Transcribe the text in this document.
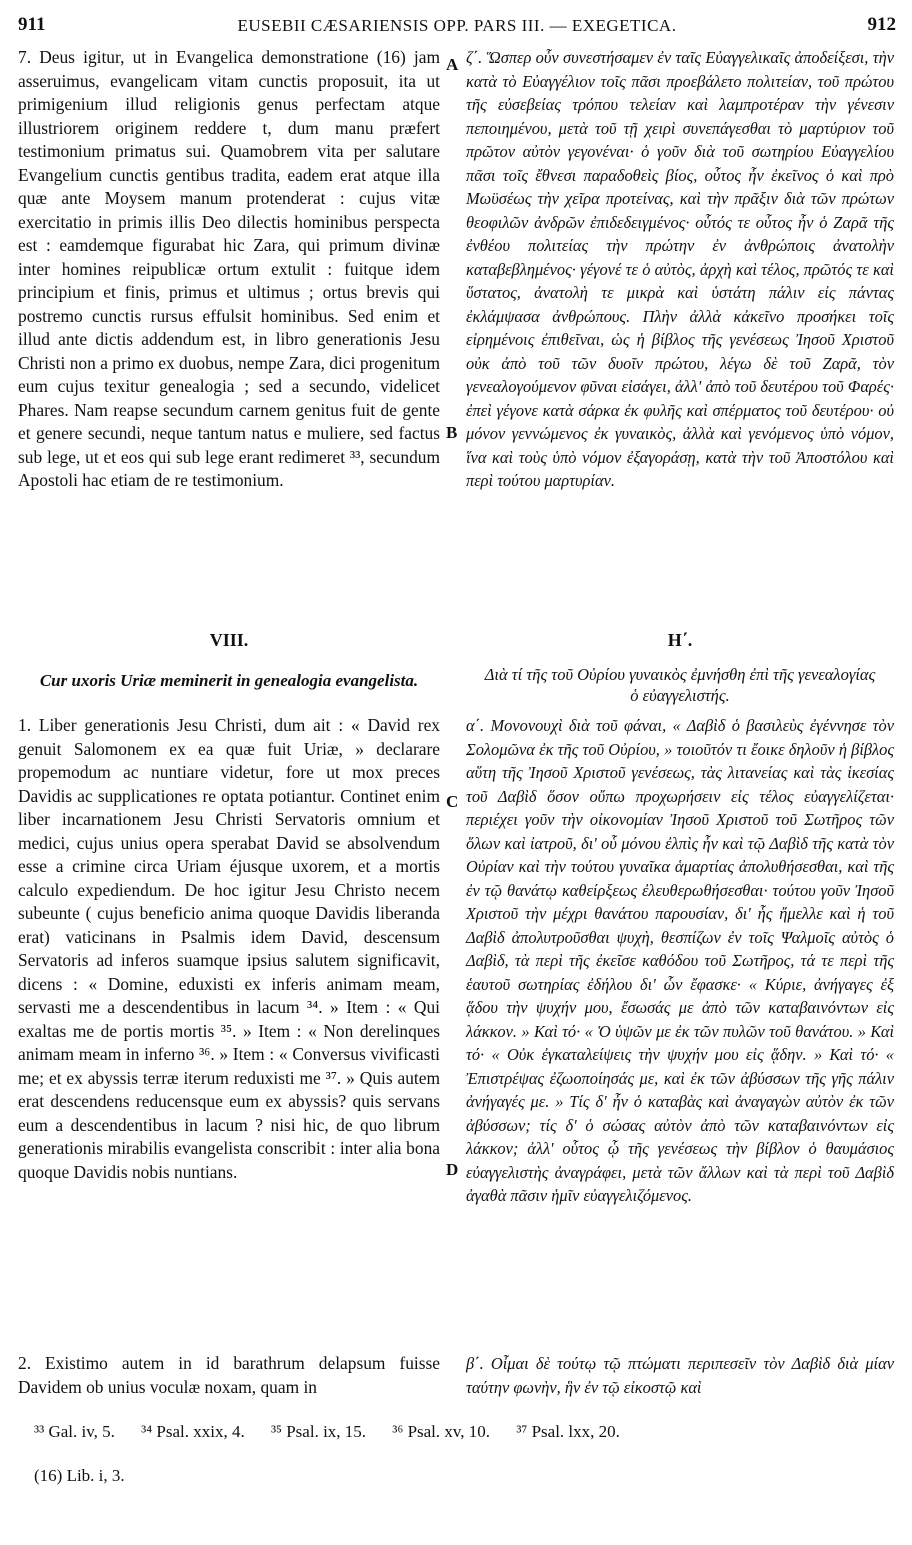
911	EUSEBII CÆSARIENSIS OPP. PARS III. — EXEGETICA.	912

7. Deus igitur, ut in Evangelica demonstratione (16) jam asseruimus, evangelicam vitam cunctis proposuit, ita ut primigenium illud religionis genus perfectam atque illustriorem originem reddere t, dum manu præfert testimonium primatus sui. Quamobrem vita per salutare Evangelium cunctis gentibus tradita, eadem erat atque illa quæ ante Moysem manum protenderat : cujus vitæ exercitatio in primis illis Deo dilectis hominibus perspecta est : eamdemque figurabat hic Zara, qui primum divinæ inter homines reipublicæ ortum extulit : fuitque idem principium et finis, primus et ultimus ; ortus brevis qui postremo cunctis rursus effulsit hominibus. Sed enim et illud ante dictis addendum est, in libro generationis Jesu Christi non a primo ex duobus, nempe Zara, dici progenitum eum cujus texitur genealogia ; sed a secundo, videlicet Phares. Nam reapse secundum carnem genitus fuit de gente et genere secundi, neque tantum natus e muliere, sed factus sub lege, ut et eos qui sub lege erant redimeret ³³, secundum Apostoli hac etiam de re testimonium.

ζ΄. Ὥσπερ οὖν συνεστήσαμεν ἐν ταῖς Εὐαγγελικαῖς ἀποδείξεσι, τὴν κατὰ τὸ Εὐαγγέλιον τοῖς πᾶσι προεβάλετο πολιτείαν, τοῦ πρώτου τῆς εὐσεβείας τρόπου τελείαν καὶ λαμπροτέραν τὴν γένεσιν πεποιημένου, μετὰ τοῦ τῇ χειρὶ συνεπάγεσθαι τὸ μαρτύριον τοῦ πρῶτον αὐτὸν γεγονέναι· ὁ γοῦν διὰ τοῦ σωτηρίου Εὐαγγελίου πᾶσι τοῖς ἔθνεσι παραδοθεὶς βίος, οὗτος ἦν ἐκεῖνος ὁ καὶ πρὸ Μωϋσέως τὴν χεῖρα προτείνας, καὶ τὴν πρᾶξιν διὰ τῶν πρώτων θεοφιλῶν ἀνδρῶν ἐπιδεδειγμένος· οὗτός τε οὗτος ἦν ὁ Ζαρᾶ τῆς ἐνθέου πολιτείας τὴν πρώτην ἐν ἀνθρώποις ἀνατολὴν καταβεβλημένος· γέγονέ τε ὁ αὐτὸς, ἀρχὴ καὶ τέλος, πρῶτός τε καὶ ὕστατος, ἀνατολὴ τε μικρὰ καὶ ὑστάτη πάλιν εἰς πάντας ἐκλάμψασα ἀνθρώπους. Πλὴν ἀλλὰ κἀκεῖνο προσήκει τοῖς εἰρημένοις ἐπιθεῖναι, ὡς ἡ βίβλος τῆς γενέσεως Ἰησοῦ Χριστοῦ οὐκ ἀπὸ τοῦ τῶν δυοῖν πρώτου, λέγω δὲ τοῦ Ζαρᾶ, τὸν γενεαλογούμενον φῦναι εἰσάγει, ἀλλ' ἀπὸ τοῦ δευτέρου τοῦ Φαρές· ἐπεὶ γέγονε κατὰ σάρκα ἐκ φυλῆς καὶ σπέρματος τοῦ δευτέρου· οὐ μόνον γεννώμενος ἐκ γυναικὸς, ἀλλὰ καὶ γενόμενος ὑπὸ νόμον, ἵνα καὶ τοὺς ὑπὸ νόμον ἐξαγοράσῃ, κατὰ τὴν τοῦ Ἀποστόλου καὶ περὶ τούτου μαρτυρίαν.

A
B
C
D
VIII.	Η΄.
Cur uxoris Uriæ meminerit in genealogia evangelista.	Διὰ τί τῆς τοῦ Οὐρίου γυναικὸς ἐμνήσθη ἐπὶ τῆς γενεαλογίας ὁ εὐαγγελιστής.

1. Liber generationis Jesu Christi, dum ait : « David rex genuit Salomonem ex ea quæ fuit Uriæ, » declarare propemodum ac nuntiare videtur, fore ut mox preces Davidis ac supplicationes re optata potiantur. Continet enim liber incarnationem Jesu Christi Servatoris omnium et medici, cujus unius opera sperabat David se absolvendum esse a crimine circa Uriam éjusque uxorem, et a mortis calculo expediendum. De hoc igitur Jesu Christo necem subeunte ( cujus beneficio anima quoque Davidis liberanda erat) vaticinans in Psalmis idem David, descensum Servatoris ad inferos suamque ipsius salutem significavit, dicens : « Domine, eduxisti ex inferis animam meam, servasti me a descendentibus in lacum ³⁴. » Item : « Qui exaltas me de portis mortis ³⁵. » Item : « Non derelinques animam meam in inferno ³⁶. » Item : « Conversus vivificasti me; et ex abyssis terræ iterum reduxisti me ³⁷. » Quis autem erat descendens reducensque eum ex abyssis? quis servans eum a descendentibus in lacum ? nisi hic, de quo librum generationis mirabilis evangelista conscribit : inter alia bona quoque Davidis nobis nuntians.

α΄. Μονονουχὶ διὰ τοῦ φάναι, « Δαβὶδ ὁ βασιλεὺς ἐγέννησε τὸν Σολομῶνα ἐκ τῆς τοῦ Οὐρίου, » τοιοῦτόν τι ἔοικε δηλοῦν ἡ βίβλος αὕτη τῆς Ἰησοῦ Χριστοῦ γενέσεως, τὰς λιτανείας καὶ τὰς ἱκεσίας τοῦ Δαβὶδ ὅσον οὔπω προχωρήσειν εἰς τέλος εὐαγγελίζεται· περιέχει γοῦν τὴν οἰκονομίαν Ἰησοῦ Χριστοῦ τοῦ Σωτῆρος τῶν ὅλων καὶ ἰατροῦ, δι' οὗ μόνου ἐλπὶς ἦν καὶ τῷ Δαβὶδ τῆς κατὰ τὸν Οὐρίαν καὶ τὴν τούτου γυναῖκα ἁμαρτίας ἀπολυθήσεσθαι, καὶ τῆς ἐν τῷ θανάτῳ καθείρξεως ἐλευθερωθήσεσθαι· τούτου γοῦν Ἰησοῦ Χριστοῦ τὴν μέχρι θανάτου παρουσίαν, δι' ἧς ἤμελλε καὶ ἡ τοῦ Δαβὶδ ἀπολυτροῦσθαι ψυχὴ, θεσπίζων ἐν τοῖς Ψαλμοῖς αὐτὸς ὁ Δαβὶδ, τὰ περὶ τῆς ἐκεῖσε καθόδου τοῦ Σωτῆρος, τά τε περὶ τῆς ἑαυτοῦ σωτηρίας ἐδήλου δι' ὧν ἔφασκε· « Κύριε, ἀνήγαγες ἐξ ᾅδου τὴν ψυχήν μου, ἔσωσάς με ἀπὸ τῶν καταβαινόντων εἰς λάκκον. » Καὶ τό· « Ὁ ὑψῶν με ἐκ τῶν πυλῶν τοῦ θανάτου. » Καὶ τό· « Οὐκ ἐγκαταλείψεις τὴν ψυχήν μου εἰς ᾅδην. » Καὶ τό· « Ἐπιστρέψας ἐζωοποίησάς με, καὶ ἐκ τῶν ἀβύσσων τῆς γῆς πάλιν ἀνήγαγές με. » Τίς δ' ἦν ὁ καταβὰς καὶ ἀναγαγὼν αὐτὸν ἐκ τῶν ἀβύσσων; τίς δ' ὁ σώσας αὐτὸν ἀπὸ τῶν καταβαινόντων εἰς λάκκον; ἀλλ' οὗτος ᾧ τῆς γενέσεως τὴν βίβλον ὁ θαυμάσιος εὐαγγελιστὴς ἀναγράφει, μετὰ τῶν ἄλλων καὶ τὰ περὶ τοῦ Δαβὶδ ἀγαθὰ πᾶσιν ἡμῖν εὐαγγελιζόμενος.

2. Existimo autem in id barathrum delapsum fuisse Davidem ob unius voculæ noxam, quam in

β΄. Οἶμαι δὲ τούτῳ τῷ πτώματι περιπεσεῖν τὸν Δαβὶδ διὰ μίαν ταύτην φωνὴν, ἣν ἐν τῷ εἰκοστῷ καὶ

³³ Gal. iv, 5. ³⁴ Psal. xxix, 4. ³⁵ Psal. ix, 15. ³⁶ Psal. xv, 10. ³⁷ Psal. lxx, 20.
(16) Lib. i, 3.
